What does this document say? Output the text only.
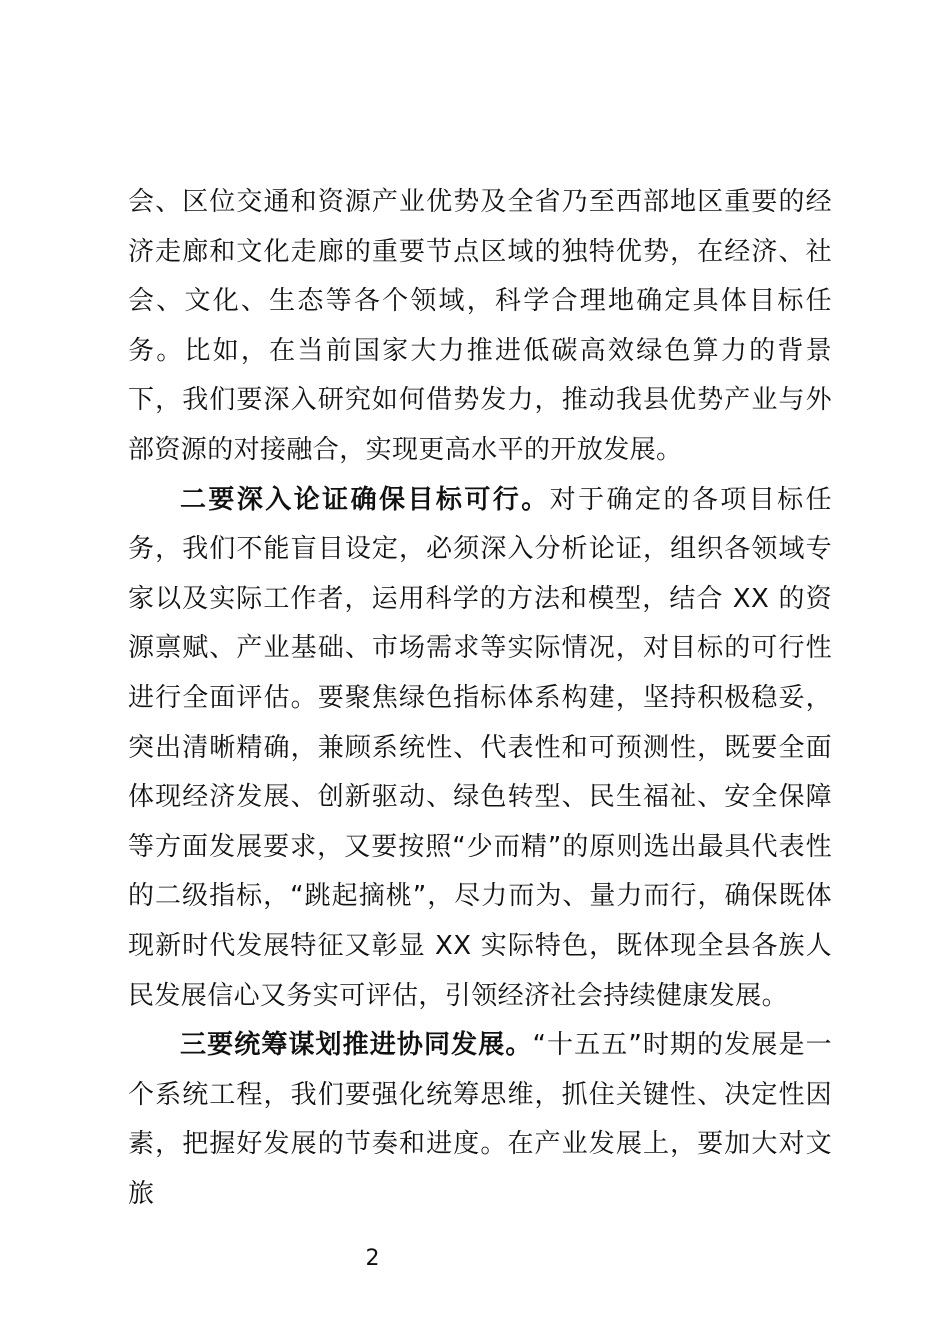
会、区位交通和资源产业优势及全省乃至西部地区重要的经济走廊和文化走廊的重要节点区域的独特优势，在经济、社会、文化、生态等各个领域，科学合理地确定具体目标任务。比如，在当前国家大力推进低碳高效绿色算力的背景下，我们要深入研究如何借势发力，推动我县优势产业与外部资源的对接融合，实现更高水平的开放发展。

二要深入论证确保目标可行。对于确定的各项目标任务，我们不能盲目设定，必须深入分析论证，组织各领域专家以及实际工作者，运用科学的方法和模型，结合 XX 的资源禀赋、产业基础、市场需求等实际情况，对目标的可行性进行全面评估。要聚焦绿色指标体系构建，坚持积极稳妥，突出清晰精确，兼顾系统性、代表性和可预测性，既要全面体现经济发展、创新驱动、绿色转型、民生福祉、安全保障等方面发展要求，又要按照“少而精”的原则选出最具代表性的二级指标，“跳起摘桃”，尽力而为、量力而行，确保既体现新时代发展特征又彰显 XX 实际特色，既体现全县各族人民发展信心又务实可评估，引领经济社会持续健康发展。

三要统筹谋划推进协同发展。“十五五”时期的发展是一个系统工程，我们要强化统筹思维，抓住关键性、决定性因素，把握好发展的节奏和进度。在产业发展上，要加大对文旅

2
